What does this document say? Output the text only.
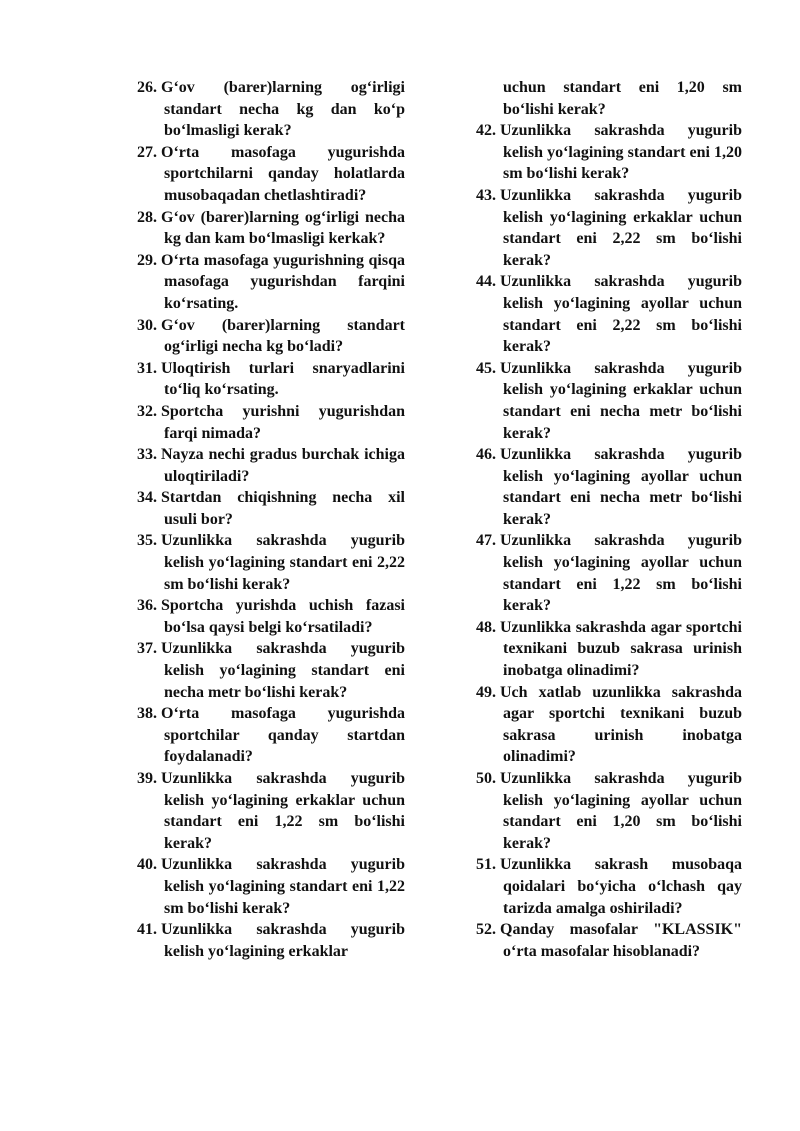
26. G‘ov (barer)larning og‘irligi standart necha kg dan ko‘p bo‘lmasligi kerak?

27. O‘rta masofaga yugurishda sportchilarni qanday holatlarda musobaqadan chetlashtiradi?

28. G‘ov (barer)larning og‘irligi necha kg dan kam bo‘lmasligi kerkak?

29. O‘rta masofaga yugurishning qisqa masofaga yugurishdan farqini ko‘rsating.

30. G‘ov (barer)larning standart og‘irligi necha kg bo‘ladi?

31. Uloqtirish turlari snaryadlarini to‘liq ko‘rsating.

32. Sportcha yurishni yugurishdan farqi nimada?

33. Nayza nechi gradus burchak ichiga uloqtiriladi?

34. Startdan chiqishning necha xil usuli bor?

35. Uzunlikka sakrashda yugurib kelish yo‘lagining standart eni 2,22 sm bo‘lishi kerak?

36. Sportcha yurishda uchish fazasi bo‘lsa qaysi belgi ko‘rsatiladi?

37. Uzunlikka sakrashda yugurib kelish yo‘lagining standart eni necha metr bo‘lishi kerak?

38. O‘rta masofaga yugurishda sportchilar qanday startdan foydalanadi?

39. Uzunlikka sakrashda yugurib kelish yo‘lagining erkaklar uchun standart eni 1,22 sm bo‘lishi kerak?

40. Uzunlikka sakrashda yugurib kelish yo‘lagining standart eni 1,22 sm bo‘lishi kerak?

41. Uzunlikka sakrashda yugurib kelish yo‘lagining erkaklar

uchun standart eni 1,20 sm bo‘lishi kerak?

42. Uzunlikka sakrashda yugurib kelish yo‘lagining standart eni 1,20 sm bo‘lishi kerak?

43. Uzunlikka sakrashda yugurib kelish yo‘lagining erkaklar uchun standart eni 2,22 sm bo‘lishi kerak?

44. Uzunlikka sakrashda yugurib kelish yo‘lagining ayollar uchun standart eni 2,22 sm bo‘lishi kerak?

45. Uzunlikka sakrashda yugurib kelish yo‘lagining erkaklar uchun standart eni necha metr bo‘lishi kerak?

46. Uzunlikka sakrashda yugurib kelish yo‘lagining ayollar uchun standart eni necha metr bo‘lishi kerak?

47. Uzunlikka sakrashda yugurib kelish yo‘lagining ayollar uchun standart eni 1,22 sm bo‘lishi kerak?

48. Uzunlikka sakrashda agar sportchi texnikani buzub sakrasa urinish inobatga olinadimi?

49. Uch xatlab uzunlikka sakrashda agar sportchi texnikani buzub sakrasa urinish inobatga olinadimi?

50. Uzunlikka sakrashda yugurib kelish yo‘lagining ayollar uchun standart eni 1,20 sm bo‘lishi kerak?

51. Uzunlikka sakrash musobaqa qoidalari bo‘yicha o‘lchash qay tarizda amalga oshiriladi?

52. Qanday masofalar "KLASSIK" o‘rta masofalar hisoblanadi?
